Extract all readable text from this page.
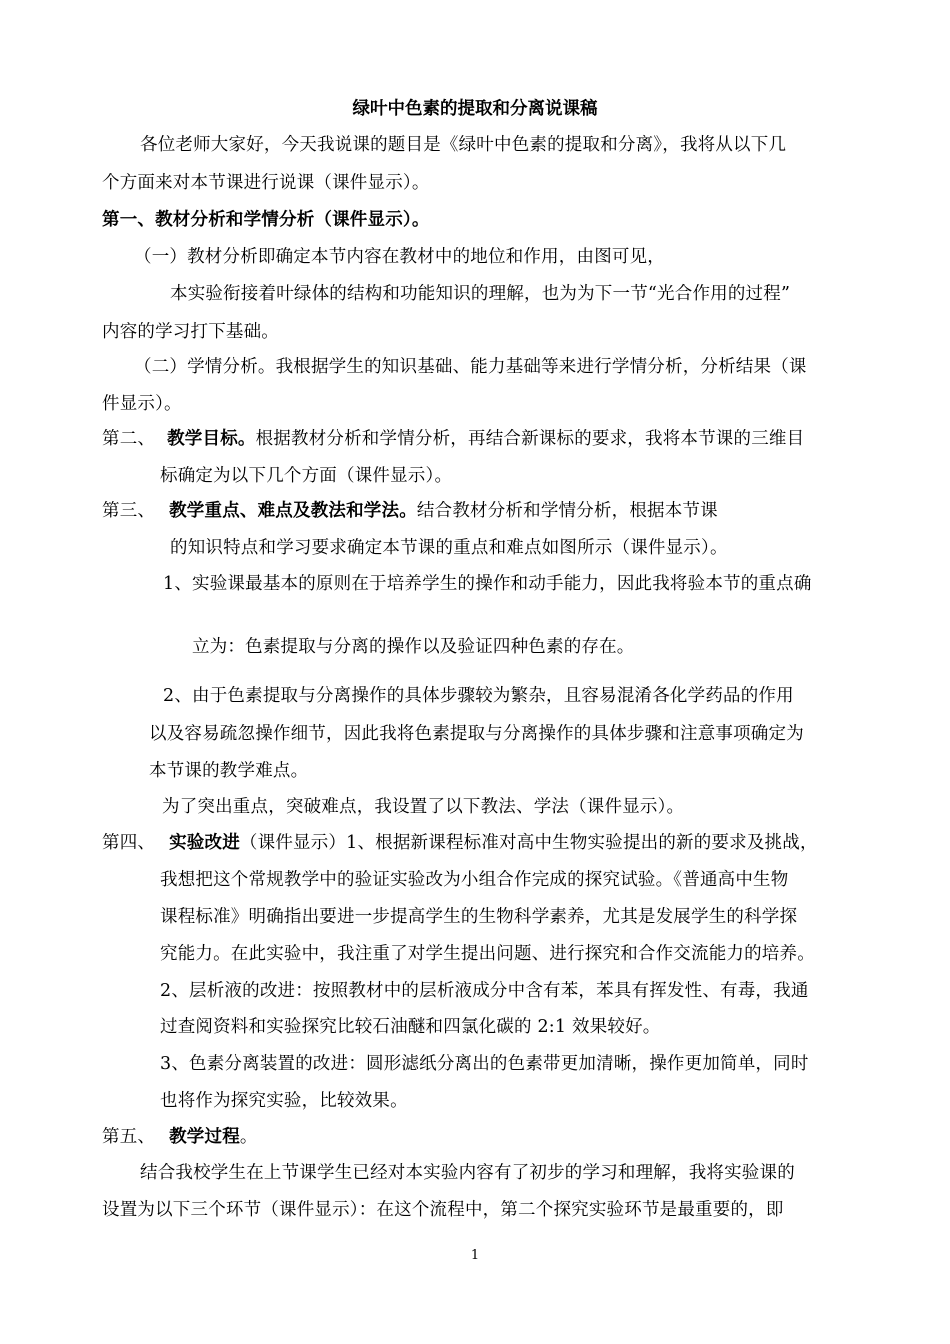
绿叶中色素的提取和分离说课稿
各位老师大家好，今天我说课的题目是《绿叶中色素的提取和分离》，我将从以下几
个方面来对本节课进行说课（课件显示）。
第一、教材分析和学情分析（课件显示）。
（一）教材分析即确定本节内容在教材中的地位和作用，由图可见，
本实验衔接着叶绿体的结构和功能知识的理解，也为为下一节“光合作用的过程”
内容的学习打下基础。
（二）学情分析。我根据学生的知识基础、能力基础等来进行学情分析，分析结果（课
件显示）。
第二、 教学目标。根据教材分析和学情分析，再结合新课标的要求，我将本节课的三维目
标确定为以下几个方面（课件显示）。
第三、 教学重点、难点及教法和学法。结合教材分析和学情分析，根据本节课
的知识特点和学习要求确定本节课的重点和难点如图所示（课件显示）。
1、实验课最基本的原则在于培养学生的操作和动手能力，因此我将验本节的重点确
立为：色素提取与分离的操作以及验证四种色素的存在。
2、由于色素提取与分离操作的具体步骤较为繁杂，且容易混淆各化学药品的作用
以及容易疏忽操作细节，因此我将色素提取与分离操作的具体步骤和注意事项确定为
本节课的教学难点。
为了突出重点，突破难点，我设置了以下教法、学法（课件显示）。
第四、 实验改进（课件显示）1、根据新课程标准对高中生物实验提出的新的要求及挑战，
我想把这个常规教学中的验证实验改为小组合作完成的探究试验。《普通高中生物
课程标准》明确指出要进一步提高学生的生物科学素养，尤其是发展学生的科学探
究能力。在此实验中，我注重了对学生提出问题、进行探究和合作交流能力的培养。
2、层析液的改进：按照教材中的层析液成分中含有苯，苯具有挥发性、有毒，我通
过查阅资料和实验探究比较石油醚和四氯化碳的 2:1 效果较好。
3、色素分离装置的改进：圆形滤纸分离出的色素带更加清晰，操作更加简单，同时
也将作为探究实验，比较效果。
第五、 教学过程。
结合我校学生在上节课学生已经对本实验内容有了初步的学习和理解，我将实验课的
设置为以下三个环节（课件显示）：在这个流程中，第二个探究实验环节是最重要的，即
1
